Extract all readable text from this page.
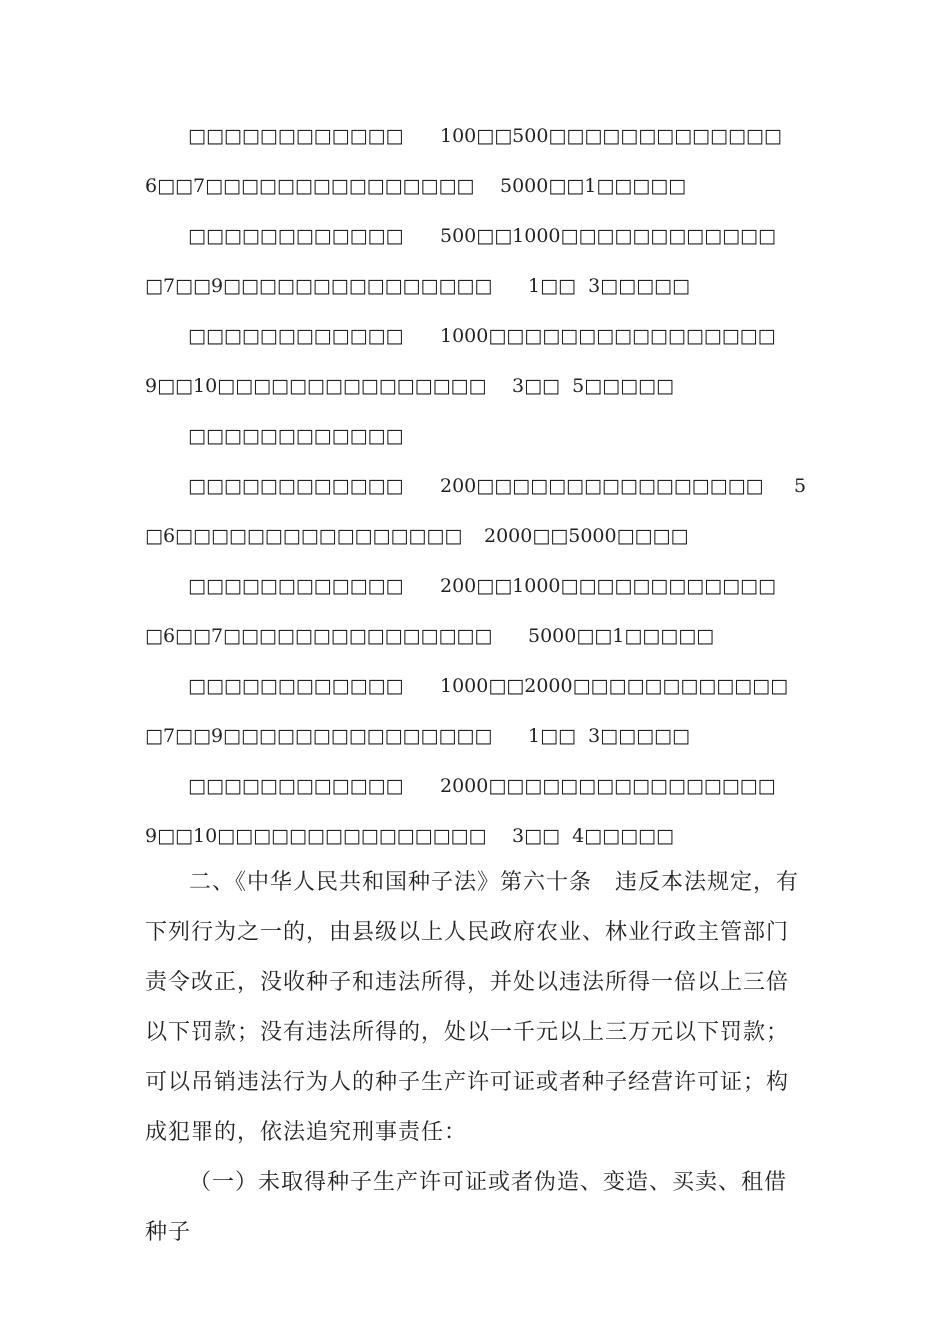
□□□□□□□□□□□□ 100□□500□□□□□□□□□□□□□
6□□7□□□□□□□□□□□□□□□ 5000□□1□□□□□
□□□□□□□□□□□□ 500□□1000□□□□□□□□□□□□
□7□□9□□□□□□□□□□□□□□□ 1□□  3□□□□□
□□□□□□□□□□□□ 1000□□□□□□□□□□□□□□□□
9□□10□□□□□□□□□□□□□□□ 3□□  5□□□□□
□□□□□□□□□□□□
□□□□□□□□□□□□ 200□□□□□□□□□□□□□□□□ 5
□6□□□□□□□□□□□□□□□□ 2000□□5000□□□□
□□□□□□□□□□□□ 200□□1000□□□□□□□□□□□□
□6□□7□□□□□□□□□□□□□□□ 5000□□1□□□□□
□□□□□□□□□□□□ 1000□□2000□□□□□□□□□□□□
□7□□9□□□□□□□□□□□□□□□ 1□□  3□□□□□
□□□□□□□□□□□□ 2000□□□□□□□□□□□□□□□□
9□□10□□□□□□□□□□□□□□□ 3□□  4□□□□□
二、《中华人民共和国种子法》第六十条　违反本法规定，有下列行为之一的，由县级以上人民政府农业、林业行政主管部门责令改正，没收种子和违法所得，并处以违法所得一倍以上三倍以下罚款；没有违法所得的，处以一千元以上三万元以下罚款；可以吊销违法行为人的种子生产许可证或者种子经营许可证；构成犯罪的，依法追究刑事责任：
（一）未取得种子生产许可证或者伪造、变造、买卖、租借种子
